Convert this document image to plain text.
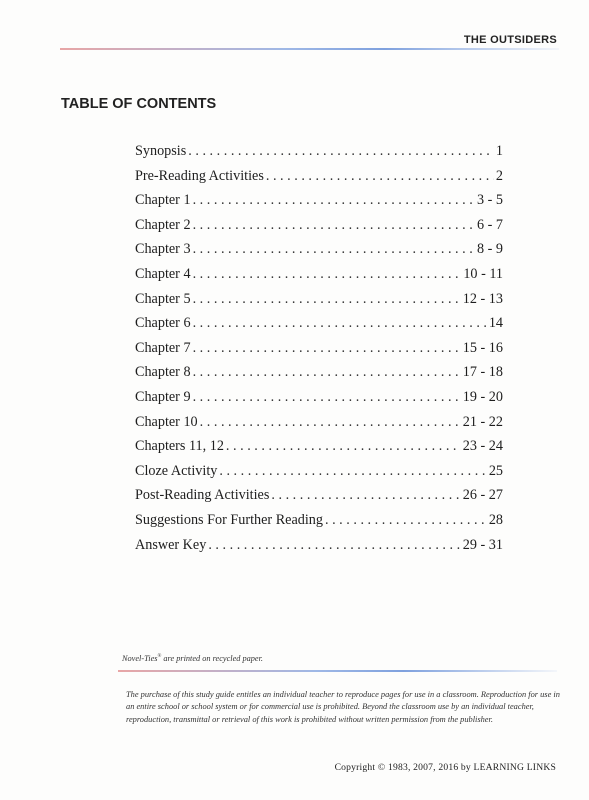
THE OUTSIDERS
TABLE OF CONTENTS
Synopsis . . .	1
Pre-Reading Activities . . .	2
Chapter 1 . . .	3 - 5
Chapter 2 . . .	6 - 7
Chapter 3 . . .	8 - 9
Chapter 4 . . .	10 - 11
Chapter 5 . . .	12 - 13
Chapter 6 . . .	14
Chapter 7 . . .	15 - 16
Chapter 8 . . .	17 - 18
Chapter 9 . . .	19 - 20
Chapter 10 . . .	21 - 22
Chapters 11, 12 . . .	23 - 24
Cloze Activity . . .	25
Post-Reading Activities . . .	26 - 27
Suggestions For Further Reading . . .	28
Answer Key . . .	29 - 31
Novel-Ties® are printed on recycled paper.

The purchase of this study guide entitles an individual teacher to reproduce pages for use in a classroom. Reproduction for use in an entire school or school system or for commercial use is prohibited. Beyond the classroom use by an individual teacher, reproduction, transmittal or retrieval of this work is prohibited without written permission from the publisher.

Copyright © 1983, 2007, 2016 by LEARNING LINKS
